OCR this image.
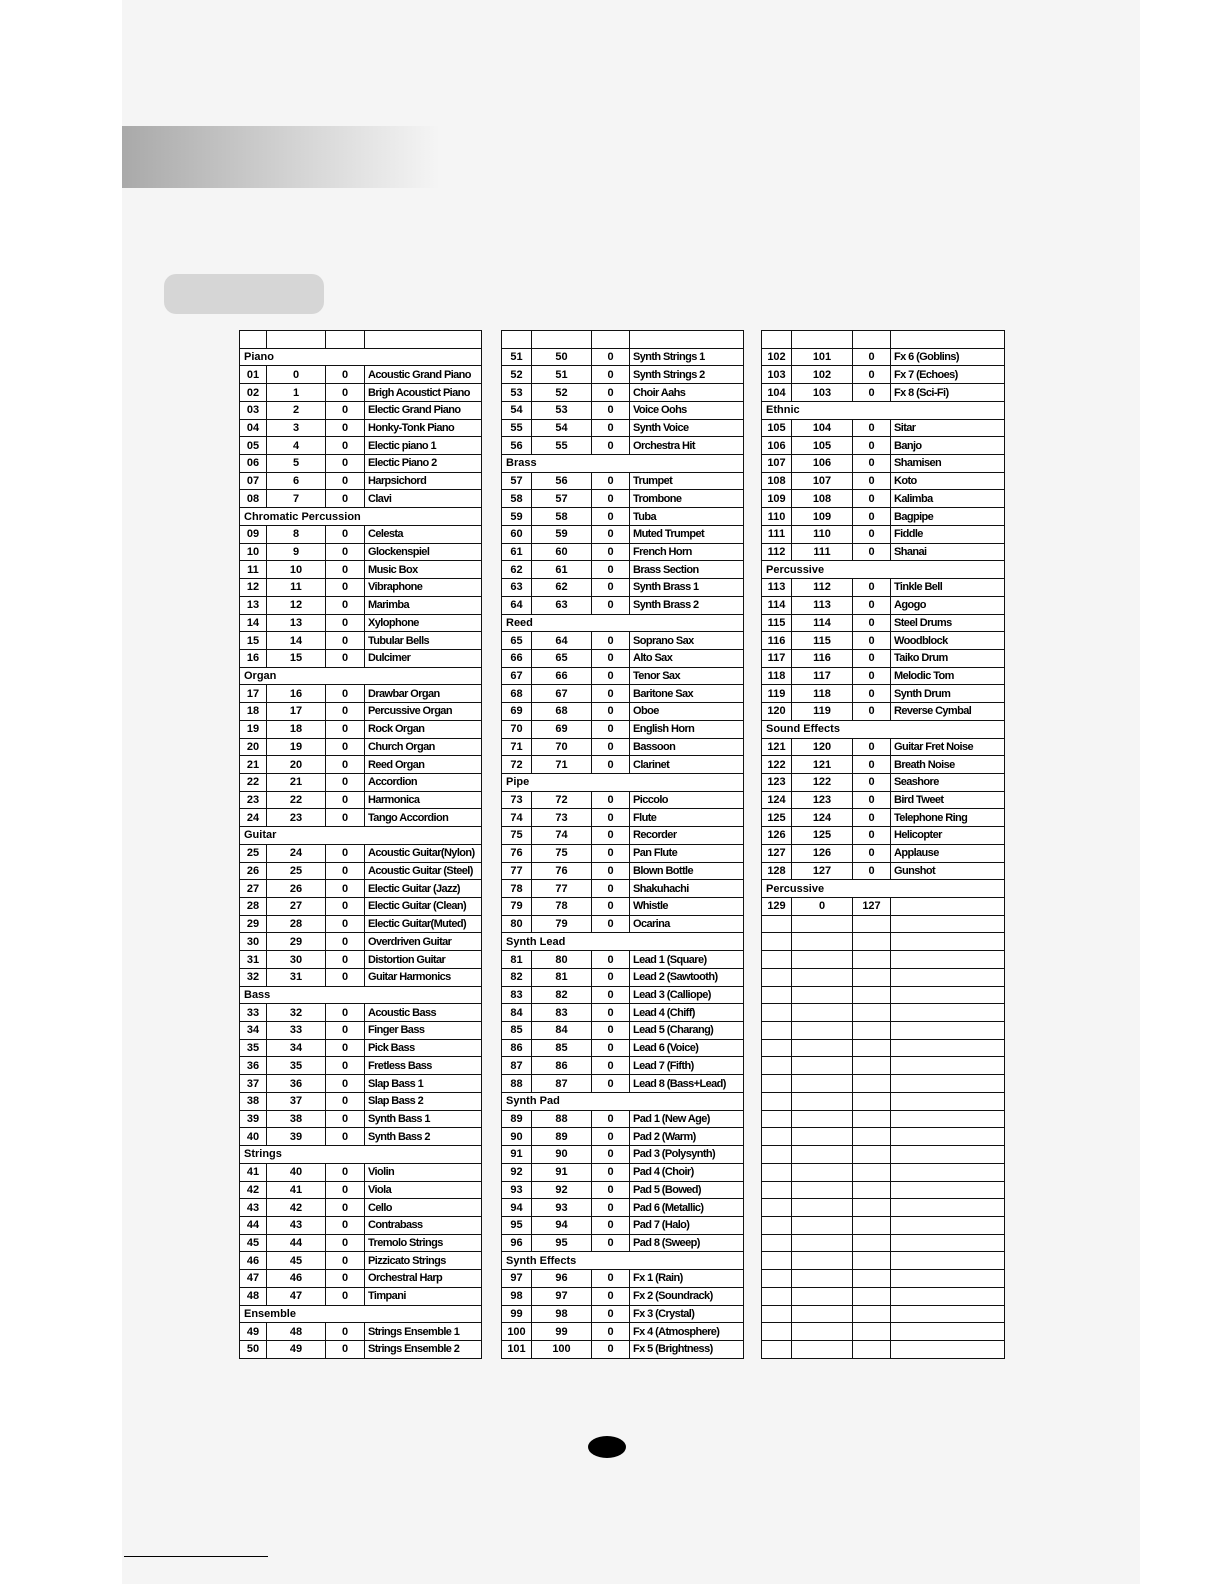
Piano			
01	0	0	Acoustic Grand Piano
02	1	0	Brigh Acoustict Piano
03	2	0	Electic Grand Piano
04	3	0	Honky-Tonk Piano
05	4	0	Electic piano 1
06	5	0	Electic Piano 2
07	6	0	Harpsichord
08	7	0	Clavi
Chromatic Percussion			
09	8	0	Celesta
10	9	0	Glockenspiel
11	10	0	Music Box
12	11	0	Vibraphone
13	12	0	Marimba
14	13	0	Xylophone
15	14	0	Tubular Bells
16	15	0	Dulcimer
Organ			
17	16	0	Drawbar Organ
18	17	0	Percussive Organ
19	18	0	Rock Organ
20	19	0	Church Organ
21	20	0	Reed Organ
22	21	0	Accordion
23	22	0	Harmonica
24	23	0	Tango Accordion
Guitar			
25	24	0	Acoustic Guitar(Nylon)
26	25	0	Acoustic Guitar (Steel)
27	26	0	Electic Guitar (Jazz)
28	27	0	Electic Guitar (Clean)
29	28	0	Electic Guitar(Muted)
30	29	0	Overdriven Guitar
31	30	0	Distortion Guitar
32	31	0	Guitar Harmonics
Bass			
33	32	0	Acoustic Bass
34	33	0	Finger Bass
35	34	0	Pick Bass
36	35	0	Fretless Bass
37	36	0	Slap Bass 1
38	37	0	Slap Bass 2
39	38	0	Synth Bass 1
40	39	0	Synth Bass 2
Strings			
41	40	0	Violin
42	41	0	Viola
43	42	0	Cello
44	43	0	Contrabass
45	44	0	Tremolo Strings
46	45	0	Pizzicato Strings
47	46	0	Orchestral Harp
48	47	0	Timpani
Ensemble			
49	48	0	Strings Ensemble 1
50	49	0	Strings Ensemble 2

51	50	0	Synth Strings 1
52	51	0	Synth Strings 2
53	52	0	Choir Aahs
54	53	0	Voice Oohs
55	54	0	Synth Voice
56	55	0	Orchestra Hit
Brass			
57	56	0	Trumpet
58	57	0	Trombone
59	58	0	Tuba
60	59	0	Muted Trumpet
61	60	0	French Horn
62	61	0	Brass Section
63	62	0	Synth Brass 1
64	63	0	Synth Brass 2
Reed			
65	64	0	Soprano Sax
66	65	0	Alto Sax
67	66	0	Tenor Sax
68	67	0	Baritone Sax
69	68	0	Oboe
70	69	0	English Horn
71	70	0	Bassoon
72	71	0	Clarinet
Pipe			
73	72	0	Piccolo
74	73	0	Flute
75	74	0	Recorder
76	75	0	Pan Flute
77	76	0	Blown Bottle
78	77	0	Shakuhachi
79	78	0	Whistle
80	79	0	Ocarina
Synth Lead			
81	80	0	Lead 1 (Square)
82	81	0	Lead 2 (Sawtooth)
83	82	0	Lead 3 (Calliope)
84	83	0	Lead 4 (Chiff)
85	84	0	Lead 5 (Charang)
86	85	0	Lead 6 (Voice)
87	86	0	Lead 7 (Fifth)
88	87	0	Lead 8 (Bass+Lead)
Synth Pad			
89	88	0	Pad 1 (New Age)
90	89	0	Pad 2 (Warm)
91	90	0	Pad 3 (Polysynth)
92	91	0	Pad 4 (Choir)
93	92	0	Pad 5 (Bowed)
94	93	0	Pad 6 (Metallic)
95	94	0	Pad 7 (Halo)
96	95	0	Pad 8 (Sweep)
Synth Effects			
97	96	0	Fx 1 (Rain)
98	97	0	Fx 2 (Soundrack)
99	98	0	Fx 3 (Crystal)
100	99	0	Fx 4 (Atmosphere)
101	100	0	Fx 5 (Brightness)

102	101	0	Fx 6 (Goblins)
103	102	0	Fx 7 (Echoes)
104	103	0	Fx 8 (Sci-Fi)
Ethnic			
105	104	0	Sitar
106	105	0	Banjo
107	106	0	Shamisen
108	107	0	Koto
109	108	0	Kalimba
110	109	0	Bagpipe
111	110	0	Fiddle
112	111	0	Shanai
Percussive			
113	112	0	Tinkle Bell
114	113	0	Agogo
115	114	0	Steel Drums
116	115	0	Woodblock
117	116	0	Taiko Drum
118	117	0	Melodic Tom
119	118	0	Synth Drum
120	119	0	Reverse Cymbal
Sound Effects			
121	120	0	Guitar Fret Noise
122	121	0	Breath Noise
123	122	0	Seashore
124	123	0	Bird Tweet
125	124	0	Telephone Ring
126	125	0	Helicopter
127	126	0	Applause
128	127	0	Gunshot
Percussive			
129	0	127	
